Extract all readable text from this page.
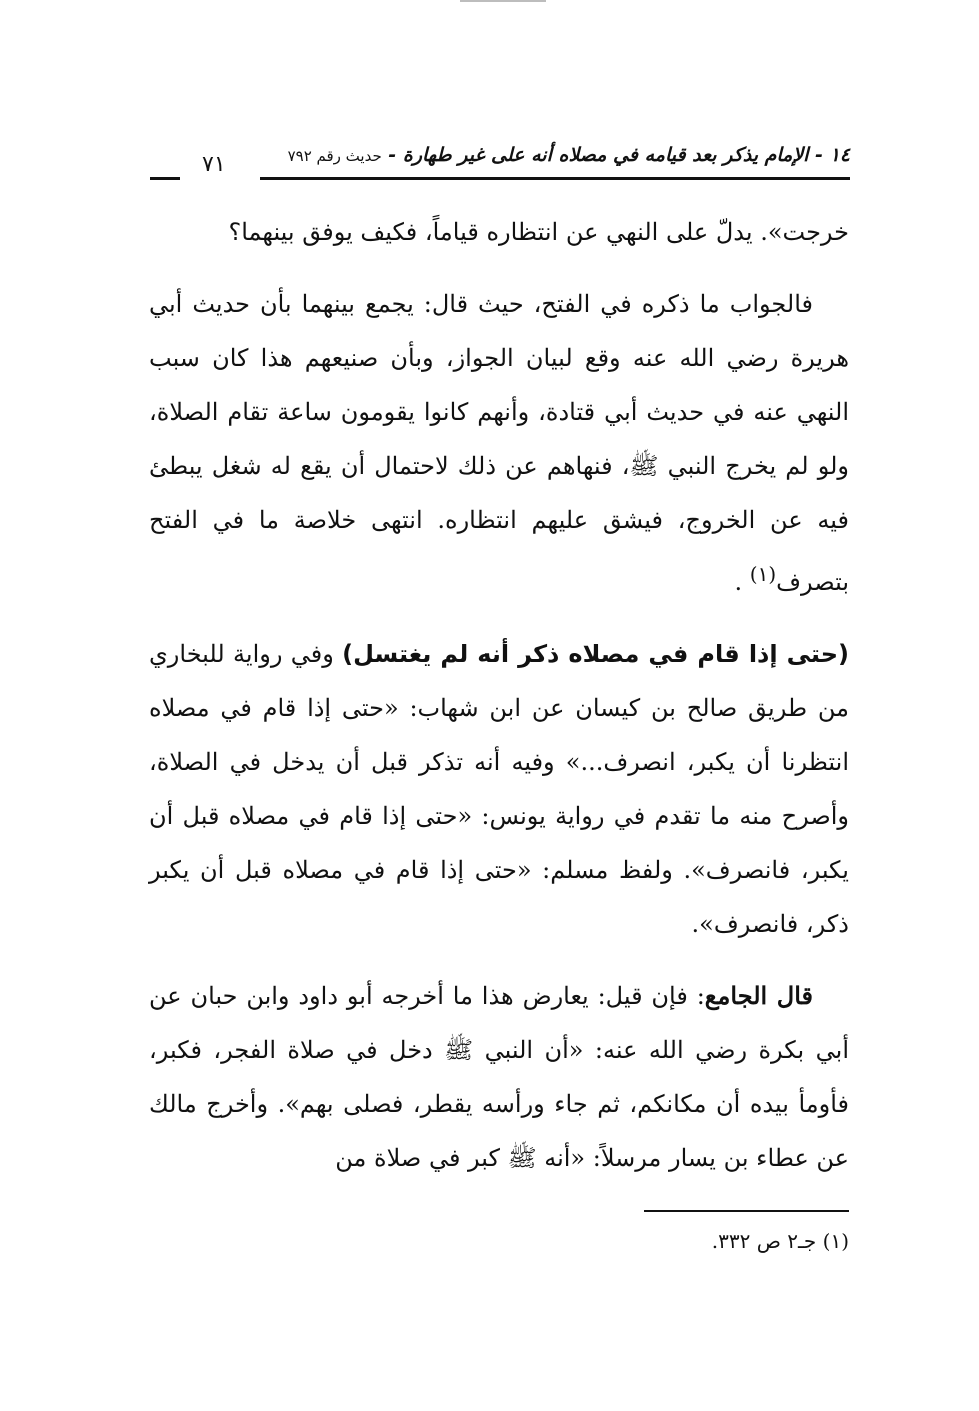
١٤ - الإمام يذكر بعد قيامه في مصلاه أنه على غير طهارة - حديث رقم ٧٩٢
٧١

خرجت». يدلّ على النهي عن انتظاره قياماً، فكيف يوفق بينهما؟

فالجواب ما ذكره في الفتح، حيث قال: يجمع بينهما بأن حديث أبي هريرة رضي الله عنه وقع لبيان الجواز، وبأن صنيعهم هذا كان سبب النهي عنه في حديث أبي قتادة، وأنهم كانوا يقومون ساعة تقام الصلاة، ولو لم يخرج النبي ﷺ، فنهاهم عن ذلك لاحتمال أن يقع له شغل يبطئ فيه عن الخروج، فيشق عليهم انتظاره. انتهى خلاصة ما في الفتح بتصرف$^{(١)}$ .

(حتى إذا قام في مصلاه ذكر أنه لم يغتسل) وفي رواية للبخاري من طريق صالح بن كيسان عن ابن شهاب: «حتى إذا قام في مصلاه انتظرنا أن يكبر، انصرف...» وفيه أنه تذكر قبل أن يدخل في الصلاة، وأصرح منه ما تقدم في رواية يونس: «حتى إذا قام في مصلاه قبل أن يكبر، فانصرف». ولفظ مسلم: «حتى إذا قام في مصلاه قبل أن يكبر ذكر، فانصرف».

قال الجامع: فإن قيل: يعارض هذا ما أخرجه أبو داود وابن حبان عن أبي بكرة رضي الله عنه: «أن النبي ﷺ دخل في صلاة الفجر، فكبر، فأومأ بيده أن مكانكم، ثم جاء ورأسه يقطر، فصلى بهم». وأخرج مالك عن عطاء بن يسار مرسلاً: «أنه ﷺ كبر في صلاة من

(١) جـ٢ ص ٣٣٢.
